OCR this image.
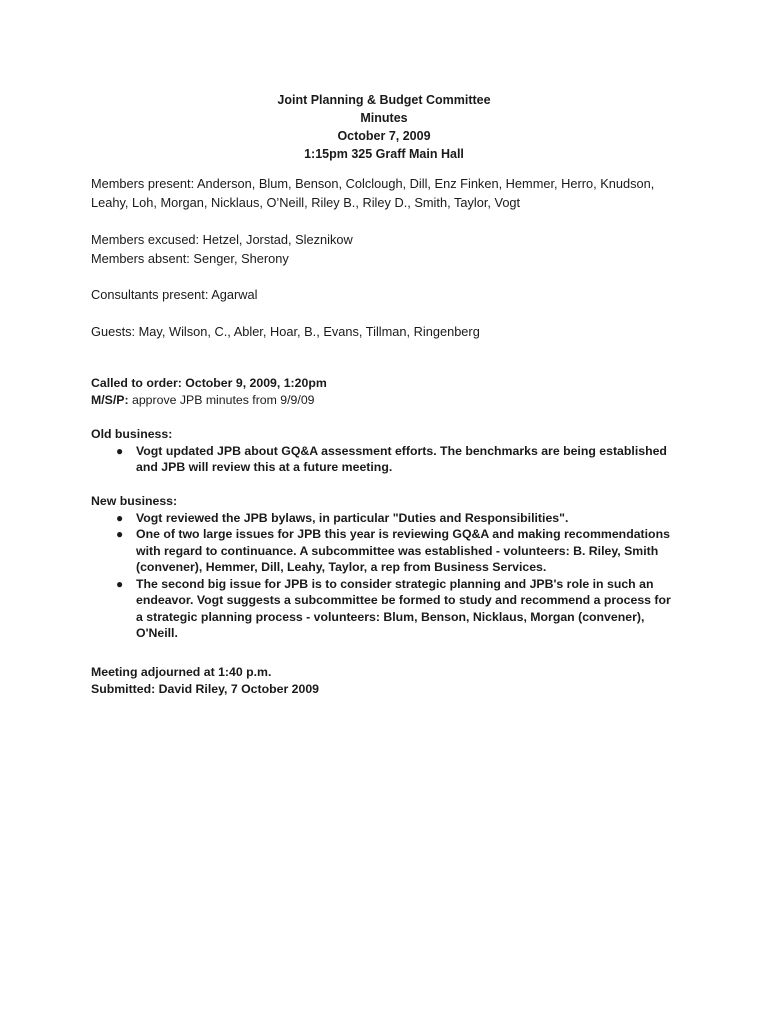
Joint Planning & Budget Committee
Minutes
October 7, 2009
1:15pm 325 Graff Main Hall

Members present: Anderson, Blum, Benson, Colclough, Dill, Enz Finken, Hemmer, Herro, Knudson, Leahy, Loh, Morgan, Nicklaus, O’Neill, Riley B., Riley D., Smith, Taylor, Vogt

Members excused: Hetzel, Jorstad, Sleznikow

Members absent: Senger, Sherony

Consultants present: Agarwal

Guests: May, Wilson, C., Abler, Hoar, B., Evans, Tillman, Ringenberg

Called to order: October 9, 2009, 1:20pm

M/S/P: approve JPB minutes from 9/9/09

Old business:

● Vogt updated JPB about GQ&A assessment efforts. The benchmarks are being established and JPB will review this at a future meeting.

New business:

● Vogt reviewed the JPB bylaws, in particular "Duties and Responsibilities".
● One of two large issues for JPB this year is reviewing GQ&A and making recommendations with regard to continuance. A subcommittee was established - volunteers: B. Riley, Smith (convener), Hemmer, Dill, Leahy, Taylor, a rep from Business Services.
● The second big issue for JPB is to consider strategic planning and JPB's role in such an endeavor. Vogt suggests a subcommittee be formed to study and recommend a process for a strategic planning process - volunteers: Blum, Benson, Nicklaus, Morgan (convener), O'Neill.

Meeting adjourned at 1:40 p.m.

Submitted: David Riley, 7 October 2009
